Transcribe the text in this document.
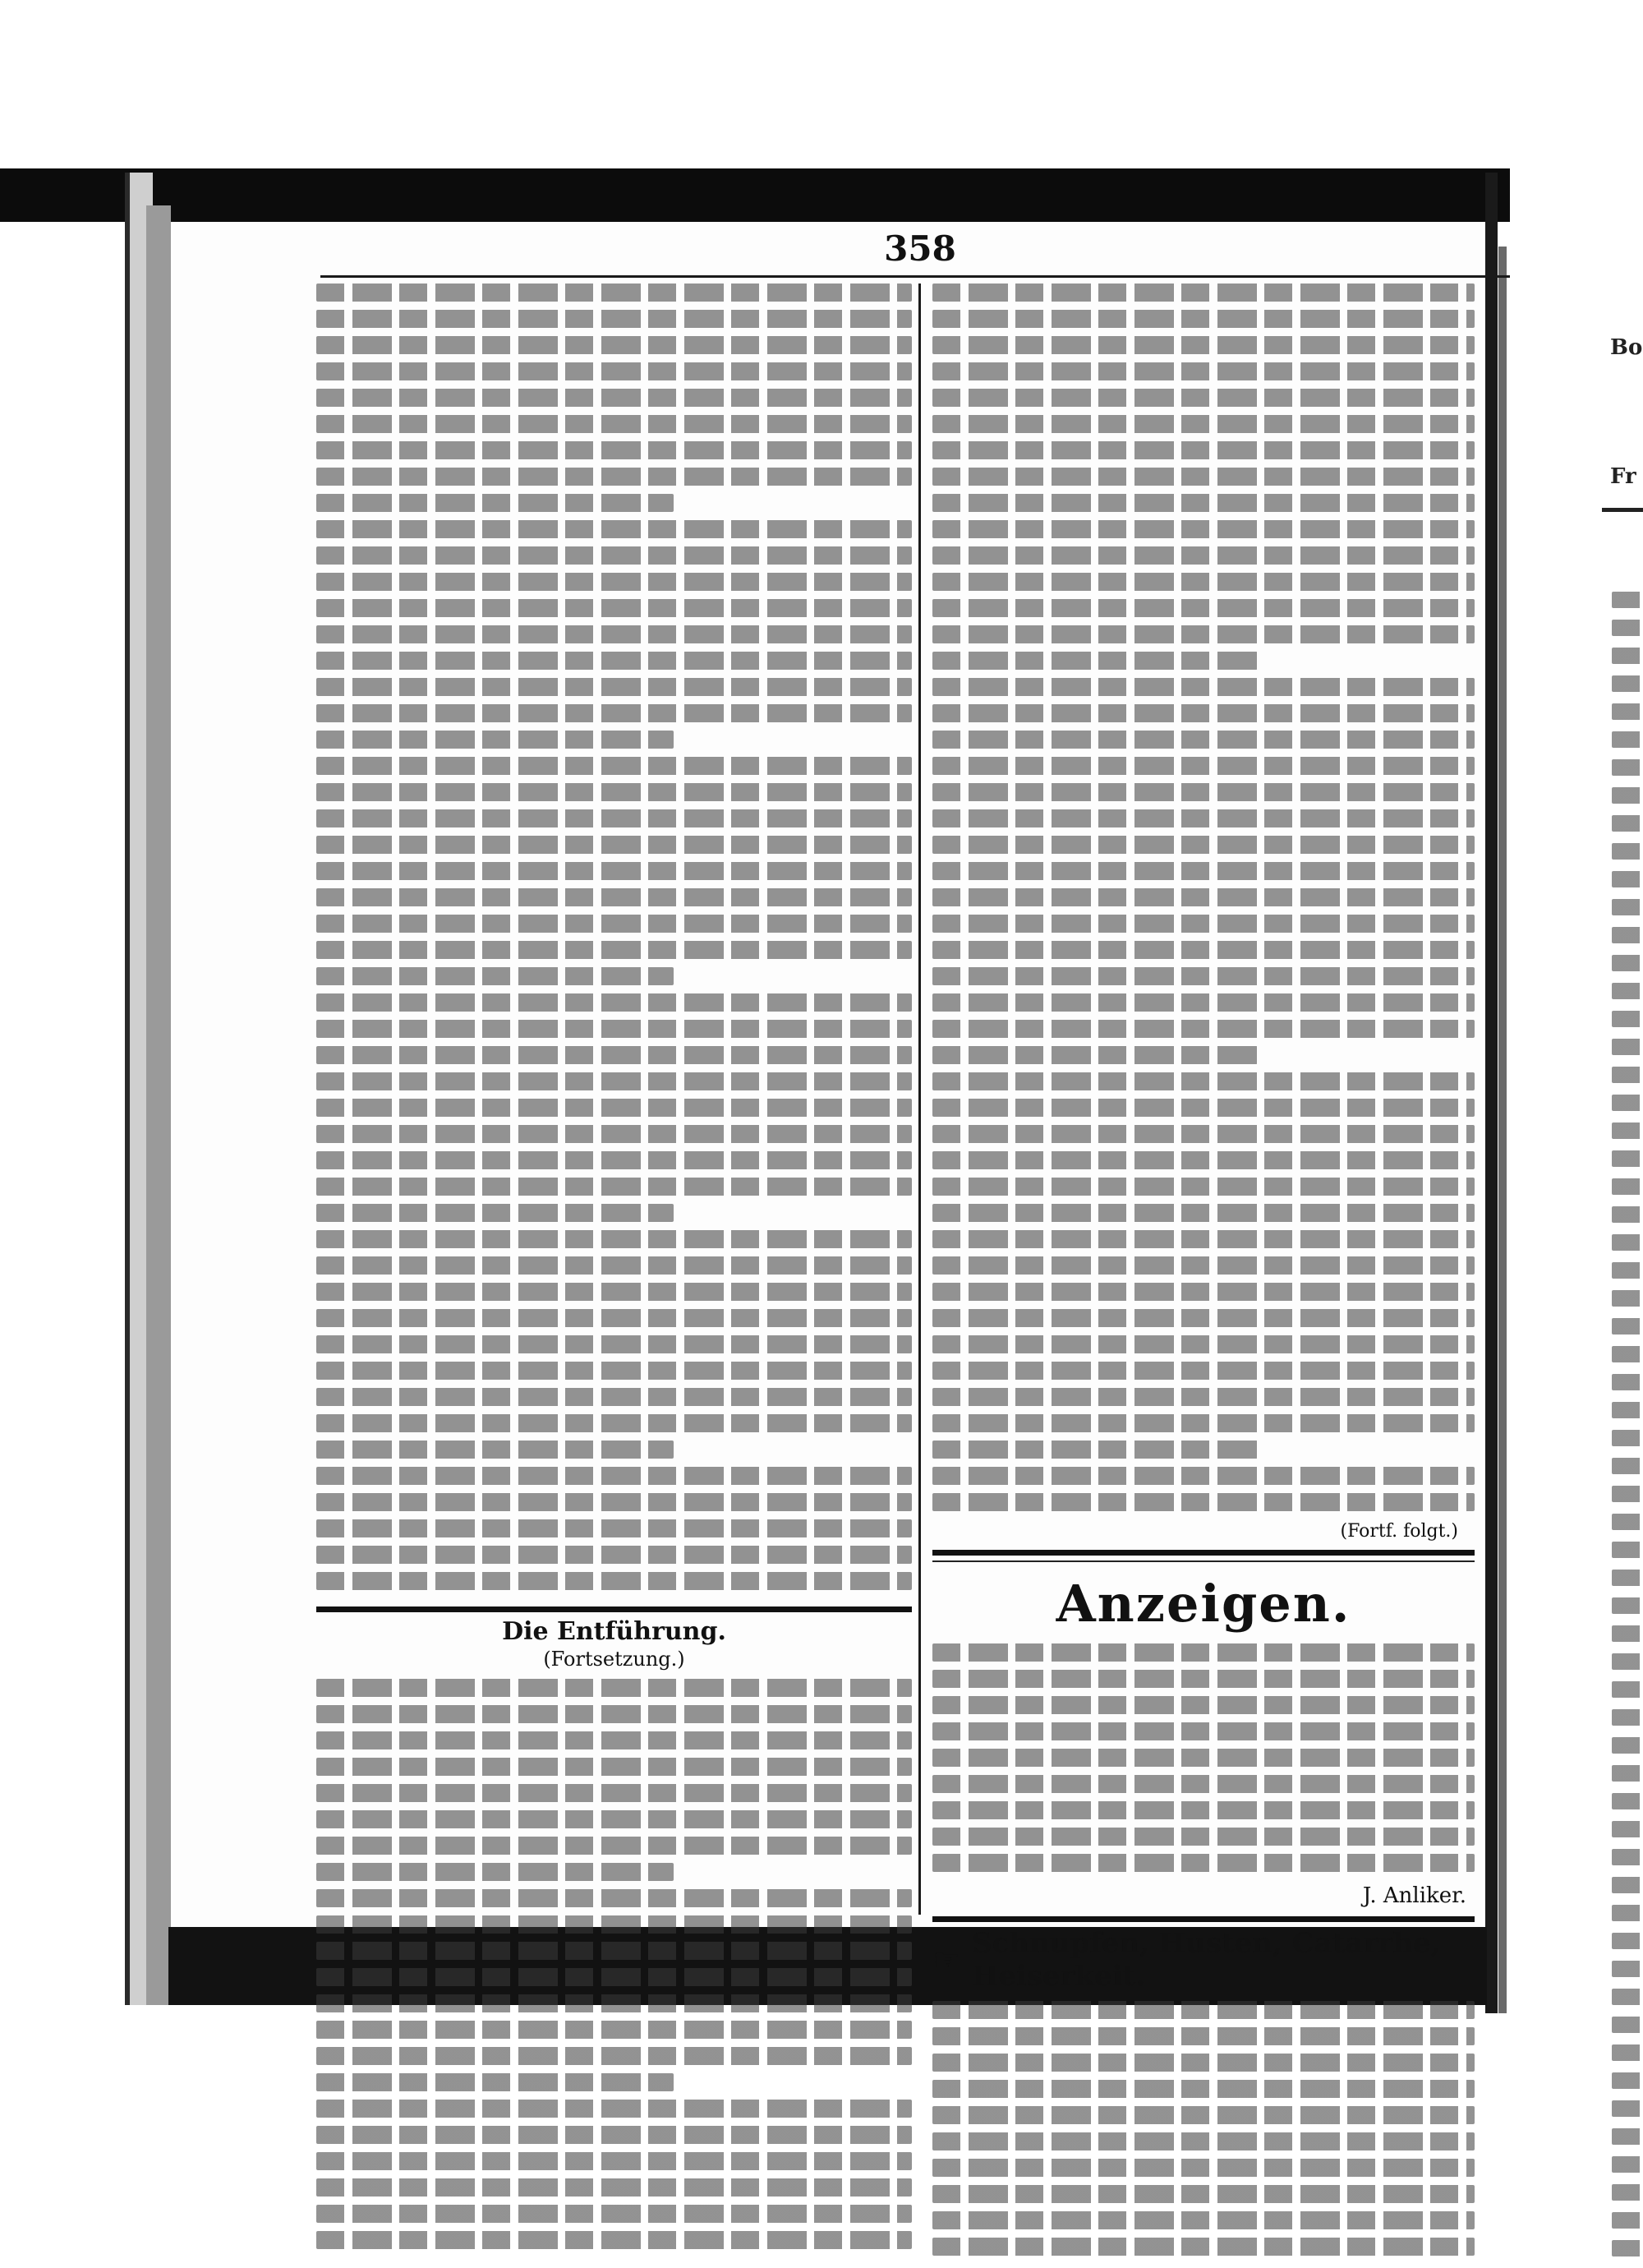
358
Die Entführung.
(Fortsetzung.)
(Fortf. folgt.)
Anzeigen.
J. Anliker.
☞ Schnupfen, Husten, Catarrhe, Heiserkeit.
Bo
Fr
